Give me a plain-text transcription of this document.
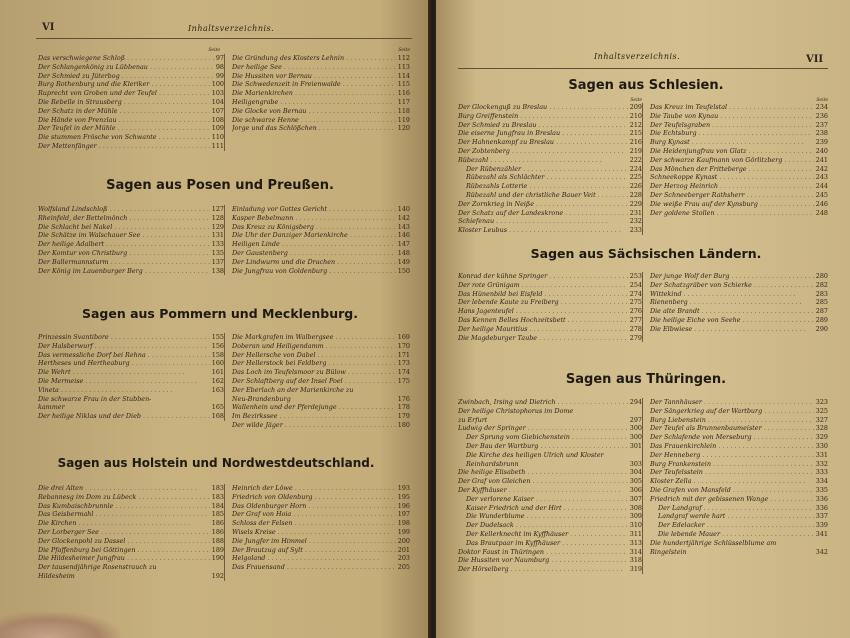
VI	Inhaltsverzeichnis.
Seite	Seite
Das verschwiegene Schloß . . .	97
Der Schlangenkönig zu Lübbenau . . .	98
Der Schmied zu Jüterbog . . .	99
Burg Rothenburg und die Kleriker . . .	100
Ruprecht von Groben und der Teufel . . .	103
Die Rebelle in Strausberg . . .	104
Der Schatz in der Mühle . . .	107
Die Hände von Prenzlau . . .	108
Der Teufel in der Mühle . . .	109
Die stummen Frösche von Schwante . . .	110
Der Mettenfänger . . .	111
Die Gründung des Klosters Lehnin . . .	112
Der heilige See . . .	113
Die Hussiten vor Bernau . . .	114
Die Schwedenzeit in Freienwalde . . .	115
Die Marienkirchen . . .	116
Heiligengrabe . . .	117
Die Glocke von Bernau . . .	118
Die schwarze Henne . . .	119
Jorge und das Schlößchen . . .	120
Sagen aus Posen und Preußen.
Wolfsland Lindschloß . . .	127
Rheinfeld, der Bettelmönch . . .	128
Die Schlacht bei Nakel . . .	129
Die Schätze im Walschauer See . . .	131
Der heilige Adalbert . . .	133
Der Komtur von Christburg . . .	135
Der Ballermannsturm . . .	137
Der König im Lauenburger Berg . . .	138
Einladung vor Gottes Gericht . . .	140
Kasper Bebelmann . . .	142
Das Kreuz zu Königsberg . . .	143
Die Uhr der Danziger Marienkirche . . .	146
Heiligen Linde . . .	147
Der Gaustenberg . . .	148
Der Lindwurm und die Drachen . . .	149
Die Jungfrau von Goldenburg . . .	150
Sagen aus Pommern und Mecklenburg.
Prinzessin Svantibore . . .	155
Der Halsberwurf . . .	156
Das vermessliche Dorf bei Rehna . . .	158
Hertheses und Hertheaburg . . .	160
Die Wehrt . . .	161
Die Mermeise . . .	162
Vineta . . .	163
Die schwarze Frau in der Stubben-
kammer	165
Der heilige Niklas und der Dieb . . .	168
Die Markgrafen im Walbergsee . . .	169
Doberan und Heiligendamm . . .	170
Der Hellersche von Dabel . . .	171
Der Hellerstock bei Feldberg . . .	173
Das Loch im Teufelsmoor zu Bülow . . .	174
Der Schlaftberg auf der Insel Poel . . .	175
Der Eberlach an der Marienkirche zu
Neu-Brandenburg	176
Wallenhein und der Pferdejunge . . .	178
Im Bezirkssee . . .	179
Der wilde Jäger . . .	180
Sagen aus Holstein und Nordwestdeutschland.
Die drei Alten . . .	183
Rebannesg im Dom zu Lübeck . . .	183
Das Kumbaischbrunnle . . .	184
Das Geisbermahl . . .	185
Die Kirchen . . .	186
Der Lorberger See . . .	186
Der Glockenpohl zu Dassel . . .	188
Die Pfaffenburg bei Göttingen . . .	189
Die Hildesheimer Jungfrau . . .	190
Der tausendjährige Rosenstrauch zu
Hildesheim	192
Heinrich der Löwe . . .	193
Friedrich von Oldenburg . . .	195
Das Oldenburger Horn . . .	196
Der Graf von Hoia . . .	197
Schloss der Felsen . . .	198
Wisels Kreise . . .	199
Die Jungfer im Himmel . . .	200
Der Brautzug auf Sylt . . .	201
Helgoland . . .	203
Das Frauensand . . .	205
Inhaltsverzeichnis.	VII
Sagen aus Schlesien.
Seite	Seite
Der Glockenguß zu Breslau . . .	209
Burg Greiffenstein . . .	210
Der Schmied zu Breslau . . .	212
Die eiserne Jungfrau in Breslau . . .	215
Der Hahnenkampf zu Breslau . . .	216
Der Zobtenberg . . .	219
Rübezahl . . .	222
Der Rübenzähler . . .	224
Rübezahl als Schlächter . . .	225
Rübezahls Lotterie . . .	226
Rübezahl und der christliche Bauer Veit . . .	228
Der Zornkrieg in Neiße . . .	229
Der Schatz auf der Landeskrone . . .	231
Schiefenau . . .	232
Kloster Leubus . . .	233
Das Kreuz im Teufelstal . . .	234
Die Taube von Kynau . . .	236
Der Teufelsgraben . . .	237
Die Echtsburg . . .	238
Burg Kynast . . .	239
Die Heidenjungfrau von Glatz . . .	240
Der schwarze Kaufmann von Görlitzberg . . .	241
Das Mönchen der Fritteberge . . .	242
Schneekoppe Kynast . . .	243
Der Herzog Heinrich . . .	244
Der Schneeberger Rathsherr . . .	245
Die weiße Frau auf der Kynsburg . . .	246
Der goldene Stollen . . .	248
Sagen aus Sächsischen Ländern.
Konrad der kühne Springer . . .	253
Der rote Grünigam . . .	254
Das Hünenbild bei Eisfeld . . .	274
Der lebende Kaute zu Freiberg . . .	275
Hans Jagenteufel . . .	276
Das Kennen Belles Hochzeitsbett . . .	277
Der heilige Mauritius . . .	278
Die Magdeburger Taube . . .	279
Der junge Wolf der Burg . . .	280
Der Schatzgräber von Schierke . . .	282
Wittekind . . .	283
Rienenberg . . .	285
Die alte Brandt . . .	287
Die heilige Eiche von Seehe . . .	289
Die Elbwiese . . .	290
Sagen aus Thüringen.
Zwinbach, Irsing und Dietrich . . .	294
Der heilige Christophorus im Dome
zu Erfurt	297
Ludwig der Springer . . .	300
Der Sprung vom Giebichenstein . . .	300
Der Bau der Wartburg . . .	301
Die Kirche des heiligen Ulrich und Kloster
Reinhardsbrunn	303
Die heilige Elisabeth . . .	304
Der Graf von Gleichen . . .	305
Der Kyffhäuser . . .	306
Der verlorene Kaiser . . .	307
Kaiser Friedrich und der Hirt . . .	308
Die Wunderblume . . .	309
Der Dudelsack . . .	310
Der Kellerknecht im Kyffhäuser . . .	311
Das Brautpaar im Kyffhäuser . . .	313
Doktor Faust in Thüringen . . .	314
Die Hussiten vor Naumburg . . .	318
Der Hörselberg . . .	319
Der Tannhäuser . . .	323
Der Sängerkrieg auf der Wartburg . . .	325
Burg Liebenstein . . .	327
Der Teufel als Brunnenbaumeister . . .	328
Der Schlafende von Merseburg . . .	329
Das Frauenkirchlein . . .	330
Der Henneberg . . .	331
Burg Frankenstein . . .	332
Der Teufelsstein . . .	333
Kloster Zella . . .	334
Die Grafen von Mansfeld . . .	335
Friedrich mit der gebissenen Wange . . .	336
Der Landgraf . . .	336
Landgraf werde hart . . .	337
Der Edelacker . . .	339
Die lebende Mauer . . .	341
Die hundertjährige Schlüsselblume am
Ringelstein	342
